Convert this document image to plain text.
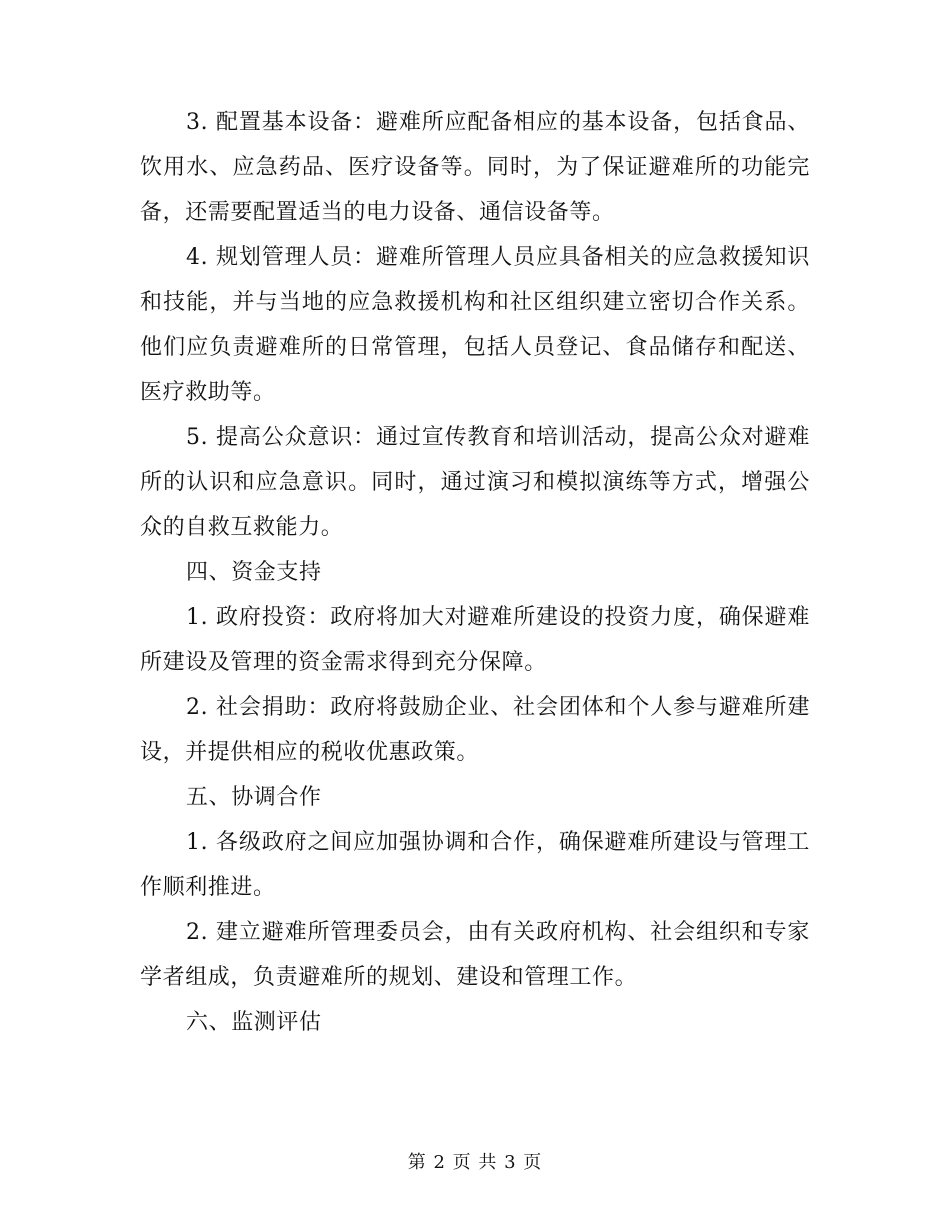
3. 配置基本设备：避难所应配备相应的基本设备，包括食品、饮用水、应急药品、医疗设备等。同时，为了保证避难所的功能完备，还需要配置适当的电力设备、通信设备等。

4. 规划管理人员：避难所管理人员应具备相关的应急救援知识和技能，并与当地的应急救援机构和社区组织建立密切合作关系。他们应负责避难所的日常管理，包括人员登记、食品储存和配送、医疗救助等。

5. 提高公众意识：通过宣传教育和培训活动，提高公众对避难所的认识和应急意识。同时，通过演习和模拟演练等方式，增强公众的自救互救能力。

四、资金支持

1. 政府投资：政府将加大对避难所建设的投资力度，确保避难所建设及管理的资金需求得到充分保障。

2. 社会捐助：政府将鼓励企业、社会团体和个人参与避难所建设，并提供相应的税收优惠政策。

五、协调合作

1. 各级政府之间应加强协调和合作，确保避难所建设与管理工作顺利推进。

2. 建立避难所管理委员会，由有关政府机构、社会组织和专家学者组成，负责避难所的规划、建设和管理工作。

六、监测评估

第 2 页 共 3 页
